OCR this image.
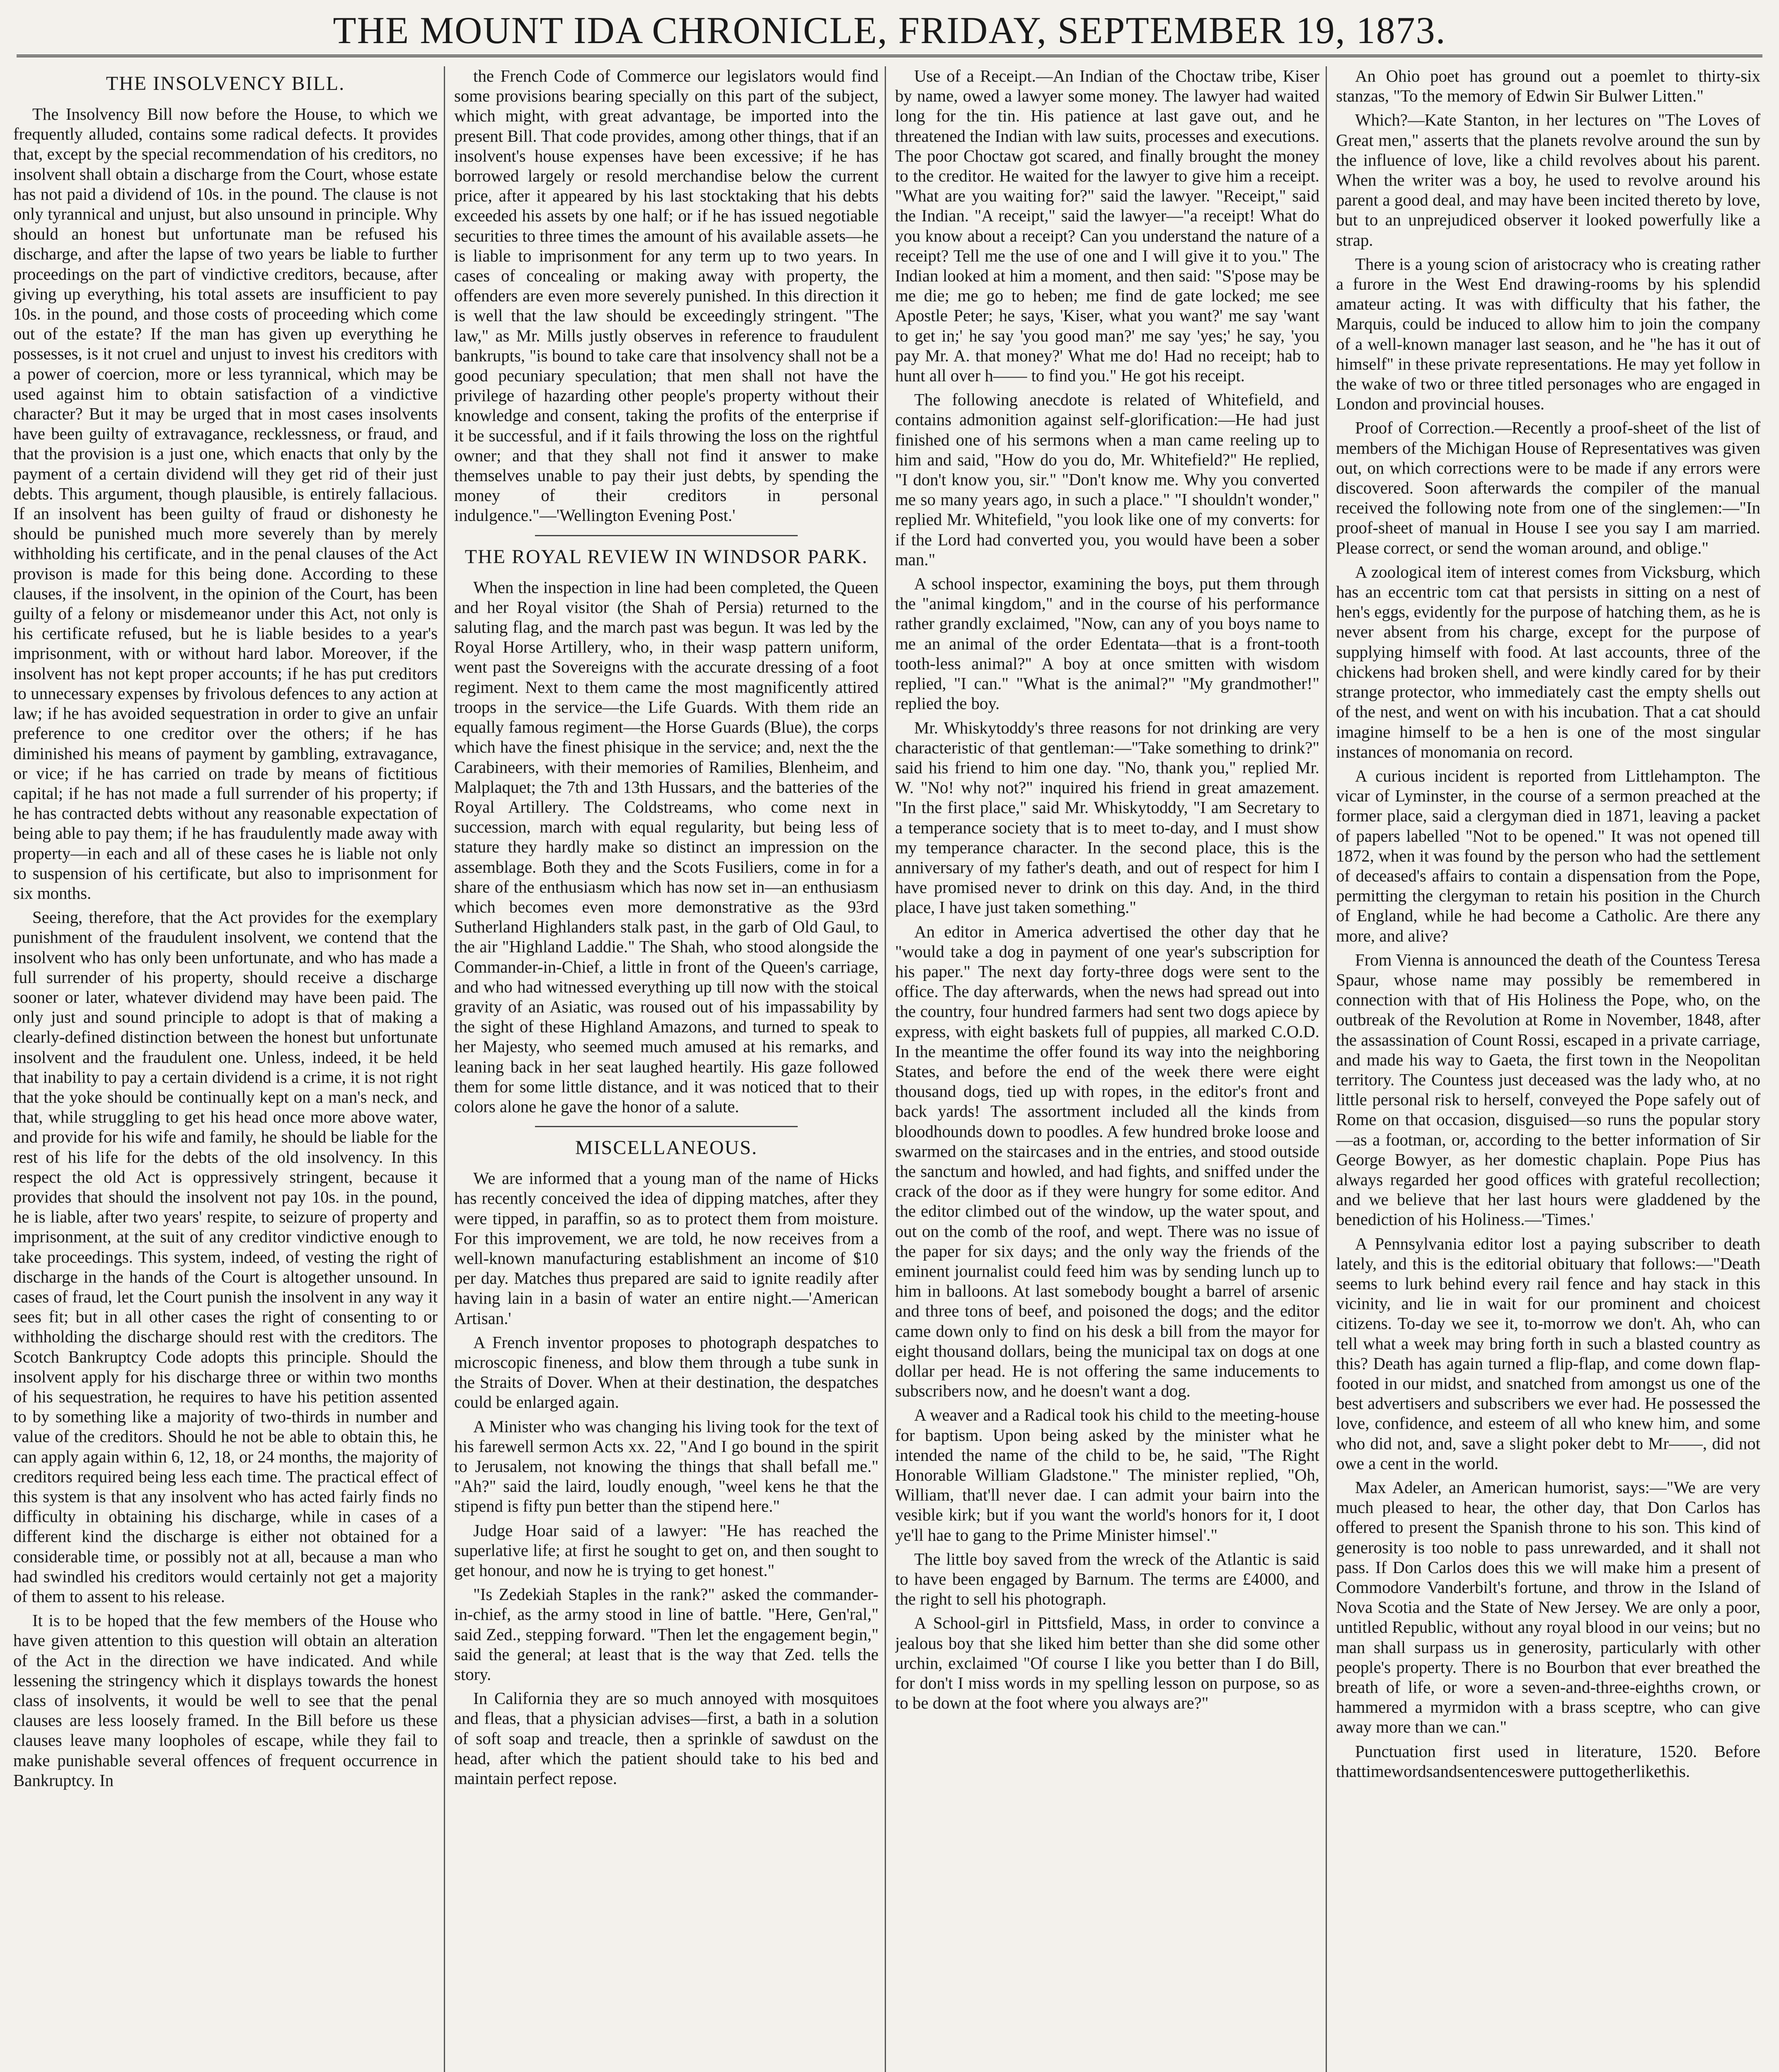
THE MOUNT IDA CHRONICLE, FRIDAY, SEPTEMBER 19, 1873.
THE INSOLVENCY BILL.

The Insolvency Bill now before the House, to which we frequently alluded, contains some radical defects. It provides that, except by the special recommendation of his creditors, no insolvent shall obtain a discharge from the Court, whose estate has not paid a dividend of 10s. in the pound. The clause is not only tyrannical and unjust, but also unsound in principle. Why should an honest but unfortunate man be refused his discharge, and after the lapse of two years be liable to further proceedings on the part of vindictive creditors, because, after giving up everything, his total assets are insufficient to pay 10s. in the pound, and those costs of proceeding which come out of the estate? If the man has given up everything he possesses, is it not cruel and unjust to invest his creditors with a power of coercion, more or less tyrannical, which may be used against him to obtain satisfaction of a vindictive character? But it may be urged that in most cases insolvents have been guilty of extravagance, recklessness, or fraud, and that the provision is a just one, which enacts that only by the payment of a certain dividend will they get rid of their just debts. This argument, though plausible, is entirely fallacious. If an insolvent has been guilty of fraud or dishonesty he should be punished much more severely than by merely withholding his certificate, and in the penal clauses of the Act provison is made for this being done. According to these clauses, if the insolvent, in the opinion of the Court, has been guilty of a felony or misdemeanor under this Act, not only is his certificate refused, but he is liable besides to a year's imprisonment, with or without hard labor. Moreover, if the insolvent has not kept proper accounts; if he has put creditors to unnecessary expenses by frivolous defences to any action at law; if he has avoided sequestration in order to give an unfair preference to one creditor over the others; if he has diminished his means of payment by gambling, extravagance, or vice; if he has carried on trade by means of fictitious capital; if he has not made a full surrender of his property; if he has contracted debts without any reasonable expectation of being able to pay them; if he has fraudulently made away with property—in each and all of these cases he is liable not only to suspension of his certificate, but also to imprisonment for six months.

Seeing, therefore, that the Act provides for the exemplary punishment of the fraudulent insolvent, we contend that the insolvent who has only been unfortunate, and who has made a full surrender of his property, should receive a discharge sooner or later, whatever dividend may have been paid. The only just and sound principle to adopt is that of making a clearly-defined distinction between the honest but unfortunate insolvent and the fraudulent one. Unless, indeed, it be held that inability to pay a certain dividend is a crime, it is not right that the yoke should be continually kept on a man's neck, and that, while struggling to get his head once more above water, and provide for his wife and family, he should be liable for the rest of his life for the debts of the old insolvency. In this respect the old Act is oppressively stringent, because it provides that should the insolvent not pay 10s. in the pound, he is liable, after two years' respite, to seizure of property and imprisonment, at the suit of any creditor vindictive enough to take proceedings. This system, indeed, of vesting the right of discharge in the hands of the Court is altogether unsound. In cases of fraud, let the Court punish the insolvent in any way it sees fit; but in all other cases the right of consenting to or withholding the discharge should rest with the creditors. The Scotch Bankruptcy Code adopts this principle. Should the insolvent apply for his discharge three or within two months of his sequestration, he requires to have his petition assented to by something like a majority of two-thirds in number and value of the creditors. Should he not be able to obtain this, he can apply again within 6, 12, 18, or 24 months, the majority of creditors required being less each time. The practical effect of this system is that any insolvent who has acted fairly finds no difficulty in obtaining his discharge, while in cases of a different kind the discharge is either not obtained for a considerable time, or possibly not at all, because a man who had swindled his creditors would certainly not get a majority of them to assent to his release.

It is to be hoped that the few members of the House who have given attention to this question will obtain an alteration of the Act in the direction we have indicated. And while lessening the stringency which it displays towards the honest class of insolvents, it would be well to see that the penal clauses are less loosely framed. In the Bill before us these clauses leave many loopholes of escape, while they fail to make punishable several offences of frequent occurrence in Bankruptcy. In

the French Code of Commerce our legislators would find some provisions bearing specially on this part of the subject, which might, with great advantage, be imported into the present Bill. That code provides, among other things, that if an insolvent's house expenses have been excessive; if he has borrowed largely or resold merchandise below the current price, after it appeared by his last stocktaking that his debts exceeded his assets by one half; or if he has issued negotiable securities to three times the amount of his available assets—he is liable to imprisonment for any term up to two years. In cases of concealing or making away with property, the offenders are even more severely punished. In this direction it is well that the law should be exceedingly stringent. "The law," as Mr. Mills justly observes in reference to fraudulent bankrupts, "is bound to take care that insolvency shall not be a good pecuniary speculation; that men shall not have the privilege of hazarding other people's property without their knowledge and consent, taking the profits of the enterprise if it be successful, and if it fails throwing the loss on the rightful owner; and that they shall not find it answer to make themselves unable to pay their just debts, by spending the money of their creditors in personal indulgence."—'Wellington Evening Post.'

THE ROYAL REVIEW IN WINDSOR PARK.

When the inspection in line had been completed, the Queen and her Royal visitor (the Shah of Persia) returned to the saluting flag, and the march past was begun. It was led by the Royal Horse Artillery, who, in their wasp pattern uniform, went past the Sovereigns with the accurate dressing of a foot regiment. Next to them came the most magnificently attired troops in the service—the Life Guards. With them ride an equally famous regiment—the Horse Guards (Blue), the corps which have the finest phisique in the service; and, next the the Carabineers, with their memories of Ramilies, Blenheim, and Malplaquet; the 7th and 13th Hussars, and the batteries of the Royal Artillery. The Coldstreams, who come next in succession, march with equal regularity, but being less of stature they hardly make so distinct an impression on the assemblage. Both they and the Scots Fusiliers, come in for a share of the enthusiasm which has now set in—an enthusiasm which becomes even more demonstrative as the 93rd Sutherland Highlanders stalk past, in the garb of Old Gaul, to the air "Highland Laddie." The Shah, who stood alongside the Commander-in-Chief, a little in front of the Queen's carriage, and who had witnessed everything up till now with the stoical gravity of an Asiatic, was roused out of his impassability by the sight of these Highland Amazons, and turned to speak to her Majesty, who seemed much amused at his remarks, and leaning back in her seat laughed heartily. His gaze followed them for some little distance, and it was noticed that to their colors alone he gave the honor of a salute.

MISCELLANEOUS.

We are informed that a young man of the name of Hicks has recently conceived the idea of dipping matches, after they were tipped, in paraffin, so as to protect them from moisture. For this improvement, we are told, he now receives from a well-known manufacturing establishment an income of $10 per day. Matches thus prepared are said to ignite readily after having lain in a basin of water an entire night.—'American Artisan.'

A French inventor proposes to photograph despatches to microscopic fineness, and blow them through a tube sunk in the Straits of Dover. When at their destination, the despatches could be enlarged again.

A Minister who was changing his living took for the text of his farewell sermon Acts xx. 22, "And I go bound in the spirit to Jerusalem, not knowing the things that shall befall me." "Ah?" said the laird, loudly enough, "weel kens he that the stipend is fifty pun better than the stipend here."

Judge Hoar said of a lawyer: "He has reached the superlative life; at first he sought to get on, and then sought to get honour, and now he is trying to get honest."

"Is Zedekiah Staples in the rank?" asked the commander-in-chief, as the army stood in line of battle. "Here, Gen'ral," said Zed., stepping forward. "Then let the engagement begin," said the general; at least that is the way that Zed. tells the story.

In California they are so much annoyed with mosquitoes and fleas, that a physician advises—first, a bath in a solution of soft soap and treacle, then a sprinkle of sawdust on the head, after which the patient should take to his bed and maintain perfect repose.

Use of a Receipt.—An Indian of the Choctaw tribe, Kiser by name, owed a lawyer some money. The lawyer had waited long for the tin. His patience at last gave out, and he threatened the Indian with law suits, processes and executions. The poor Choctaw got scared, and finally brought the money to the creditor. He waited for the lawyer to give him a receipt. "What are you waiting for?" said the lawyer. "Receipt," said the Indian. "A receipt," said the lawyer—"a receipt! What do you know about a receipt? Can you understand the nature of a receipt? Tell me the use of one and I will give it to you." The Indian looked at him a moment, and then said: "S'pose may be me die; me go to heben; me find de gate locked; me see Apostle Peter; he says, 'Kiser, what you want?' me say 'want to get in;' he say 'you good man?' me say 'yes;' he say, 'you pay Mr. A. that money?' What me do! Had no receipt; hab to hunt all over h—— to find you." He got his receipt.

The following anecdote is related of Whitefield, and contains admonition against self-glorification:—He had just finished one of his sermons when a man came reeling up to him and said, "How do you do, Mr. Whitefield?" He replied, "I don't know you, sir." "Don't know me. Why you converted me so many years ago, in such a place." "I shouldn't wonder," replied Mr. Whitefield, "you look like one of my converts: for if the Lord had converted you, you would have been a sober man."

A school inspector, examining the boys, put them through the "animal kingdom," and in the course of his performance rather grandly exclaimed, "Now, can any of you boys name to me an animal of the order Edentata—that is a front-tooth tooth-less animal?" A boy at once smitten with wisdom replied, "I can." "What is the animal?" "My grandmother!" replied the boy.

Mr. Whiskytoddy's three reasons for not drinking are very characteristic of that gentleman:—"Take something to drink?" said his friend to him one day. "No, thank you," replied Mr. W. "No! why not?" inquired his friend in great amazement. "In the first place," said Mr. Whiskytoddy, "I am Secretary to a temperance society that is to meet to-day, and I must show my temperance character. In the second place, this is the anniversary of my father's death, and out of respect for him I have promised never to drink on this day. And, in the third place, I have just taken something."

An editor in America advertised the other day that he "would take a dog in payment of one year's subscription for his paper." The next day forty-three dogs were sent to the office. The day afterwards, when the news had spread out into the country, four hundred farmers had sent two dogs apiece by express, with eight baskets full of puppies, all marked C.O.D. In the meantime the offer found its way into the neighboring States, and before the end of the week there were eight thousand dogs, tied up with ropes, in the editor's front and back yards! The assortment included all the kinds from bloodhounds down to poodles. A few hundred broke loose and swarmed on the staircases and in the entries, and stood outside the sanctum and howled, and had fights, and sniffed under the crack of the door as if they were hungry for some editor. And the editor climbed out of the window, up the water spout, and out on the comb of the roof, and wept. There was no issue of the paper for six days; and the only way the friends of the eminent journalist could feed him was by sending lunch up to him in balloons. At last somebody bought a barrel of arsenic and three tons of beef, and poisoned the dogs; and the editor came down only to find on his desk a bill from the mayor for eight thousand dollars, being the municipal tax on dogs at one dollar per head. He is not offering the same inducements to subscribers now, and he doesn't want a dog.

A weaver and a Radical took his child to the meeting-house for baptism. Upon being asked by the minister what he intended the name of the child to be, he said, "The Right Honorable William Gladstone." The minister replied, "Oh, William, that'll never dae. I can admit your bairn into the vesible kirk; but if you want the world's honors for it, I doot ye'll hae to gang to the Prime Minister himsel'."

The little boy saved from the wreck of the Atlantic is said to have been engaged by Barnum. The terms are £4000, and the right to sell his photograph.

A School-girl in Pittsfield, Mass, in order to convince a jealous boy that she liked him better than she did some other urchin, exclaimed "Of course I like you better than I do Bill, for don't I miss words in my spelling lesson on purpose, so as to be down at the foot where you always are?"

An Ohio poet has ground out a poemlet to thirty-six stanzas, "To the memory of Edwin Sir Bulwer Litten."

Which?—Kate Stanton, in her lectures on "The Loves of Great men," asserts that the planets revolve around the sun by the influence of love, like a child revolves about his parent. When the writer was a boy, he used to revolve around his parent a good deal, and may have been incited thereto by love, but to an unprejudiced observer it looked powerfully like a strap.

There is a young scion of aristocracy who is creating rather a furore in the West End drawing-rooms by his splendid amateur acting. It was with difficulty that his father, the Marquis, could be induced to allow him to join the company of a well-known manager last season, and he "he has it out of himself" in these private representations. He may yet follow in the wake of two or three titled personages who are engaged in London and provincial houses.

Proof of Correction.—Recently a proof-sheet of the list of members of the Michigan House of Representatives was given out, on which corrections were to be made if any errors were discovered. Soon afterwards the compiler of the manual received the following note from one of the singlemen:—"In proof-sheet of manual in House I see you say I am married. Please correct, or send the woman around, and oblige."

A zoological item of interest comes from Vicksburg, which has an eccentric tom cat that persists in sitting on a nest of hen's eggs, evidently for the purpose of hatching them, as he is never absent from his charge, except for the purpose of supplying himself with food. At last accounts, three of the chickens had broken shell, and were kindly cared for by their strange protector, who immediately cast the empty shells out of the nest, and went on with his incubation. That a cat should imagine himself to be a hen is one of the most singular instances of monomania on record.

A curious incident is reported from Littlehampton. The vicar of Lyminster, in the course of a sermon preached at the former place, said a clergyman died in 1871, leaving a packet of papers labelled "Not to be opened." It was not opened till 1872, when it was found by the person who had the settlement of deceased's affairs to contain a dispensation from the Pope, permitting the clergyman to retain his position in the Church of England, while he had become a Catholic. Are there any more, and alive?

From Vienna is announced the death of the Countess Teresa Spaur, whose name may possibly be remembered in connection with that of His Holiness the Pope, who, on the outbreak of the Revolution at Rome in November, 1848, after the assassination of Count Rossi, escaped in a private carriage, and made his way to Gaeta, the first town in the Neopolitan territory. The Countess just deceased was the lady who, at no little personal risk to herself, conveyed the Pope safely out of Rome on that occasion, disguised—so runs the popular story—as a footman, or, according to the better information of Sir George Bowyer, as her domestic chaplain. Pope Pius has always regarded her good offices with grateful recollection; and we believe that her last hours were gladdened by the benediction of his Holiness.—'Times.'

A Pennsylvania editor lost a paying subscriber to death lately, and this is the editorial obituary that follows:—"Death seems to lurk behind every rail fence and hay stack in this vicinity, and lie in wait for our prominent and choicest citizens. To-day we see it, to-morrow we don't. Ah, who can tell what a week may bring forth in such a blasted country as this? Death has again turned a flip-flap, and come down flap-footed in our midst, and snatched from amongst us one of the best advertisers and subscribers we ever had. He possessed the love, confidence, and esteem of all who knew him, and some who did not, and, save a slight poker debt to Mr——, did not owe a cent in the world.

Max Adeler, an American humorist, says:—"We are very much pleased to hear, the other day, that Don Carlos has offered to present the Spanish throne to his son. This kind of generosity is too noble to pass unrewarded, and it shall not pass. If Don Carlos does this we will make him a present of Commodore Vanderbilt's fortune, and throw in the Island of Nova Scotia and the State of New Jersey. We are only a poor, untitled Republic, without any royal blood in our veins; but no man shall surpass us in generosity, particularly with other people's property. There is no Bourbon that ever breathed the breath of life, or wore a seven-and-three-eighths crown, or hammered a myrmidon with a brass sceptre, who can give away more than we can."

Punctuation first used in literature, 1520. Before thattimewordsandsentenceswere puttogetherlikethis.
